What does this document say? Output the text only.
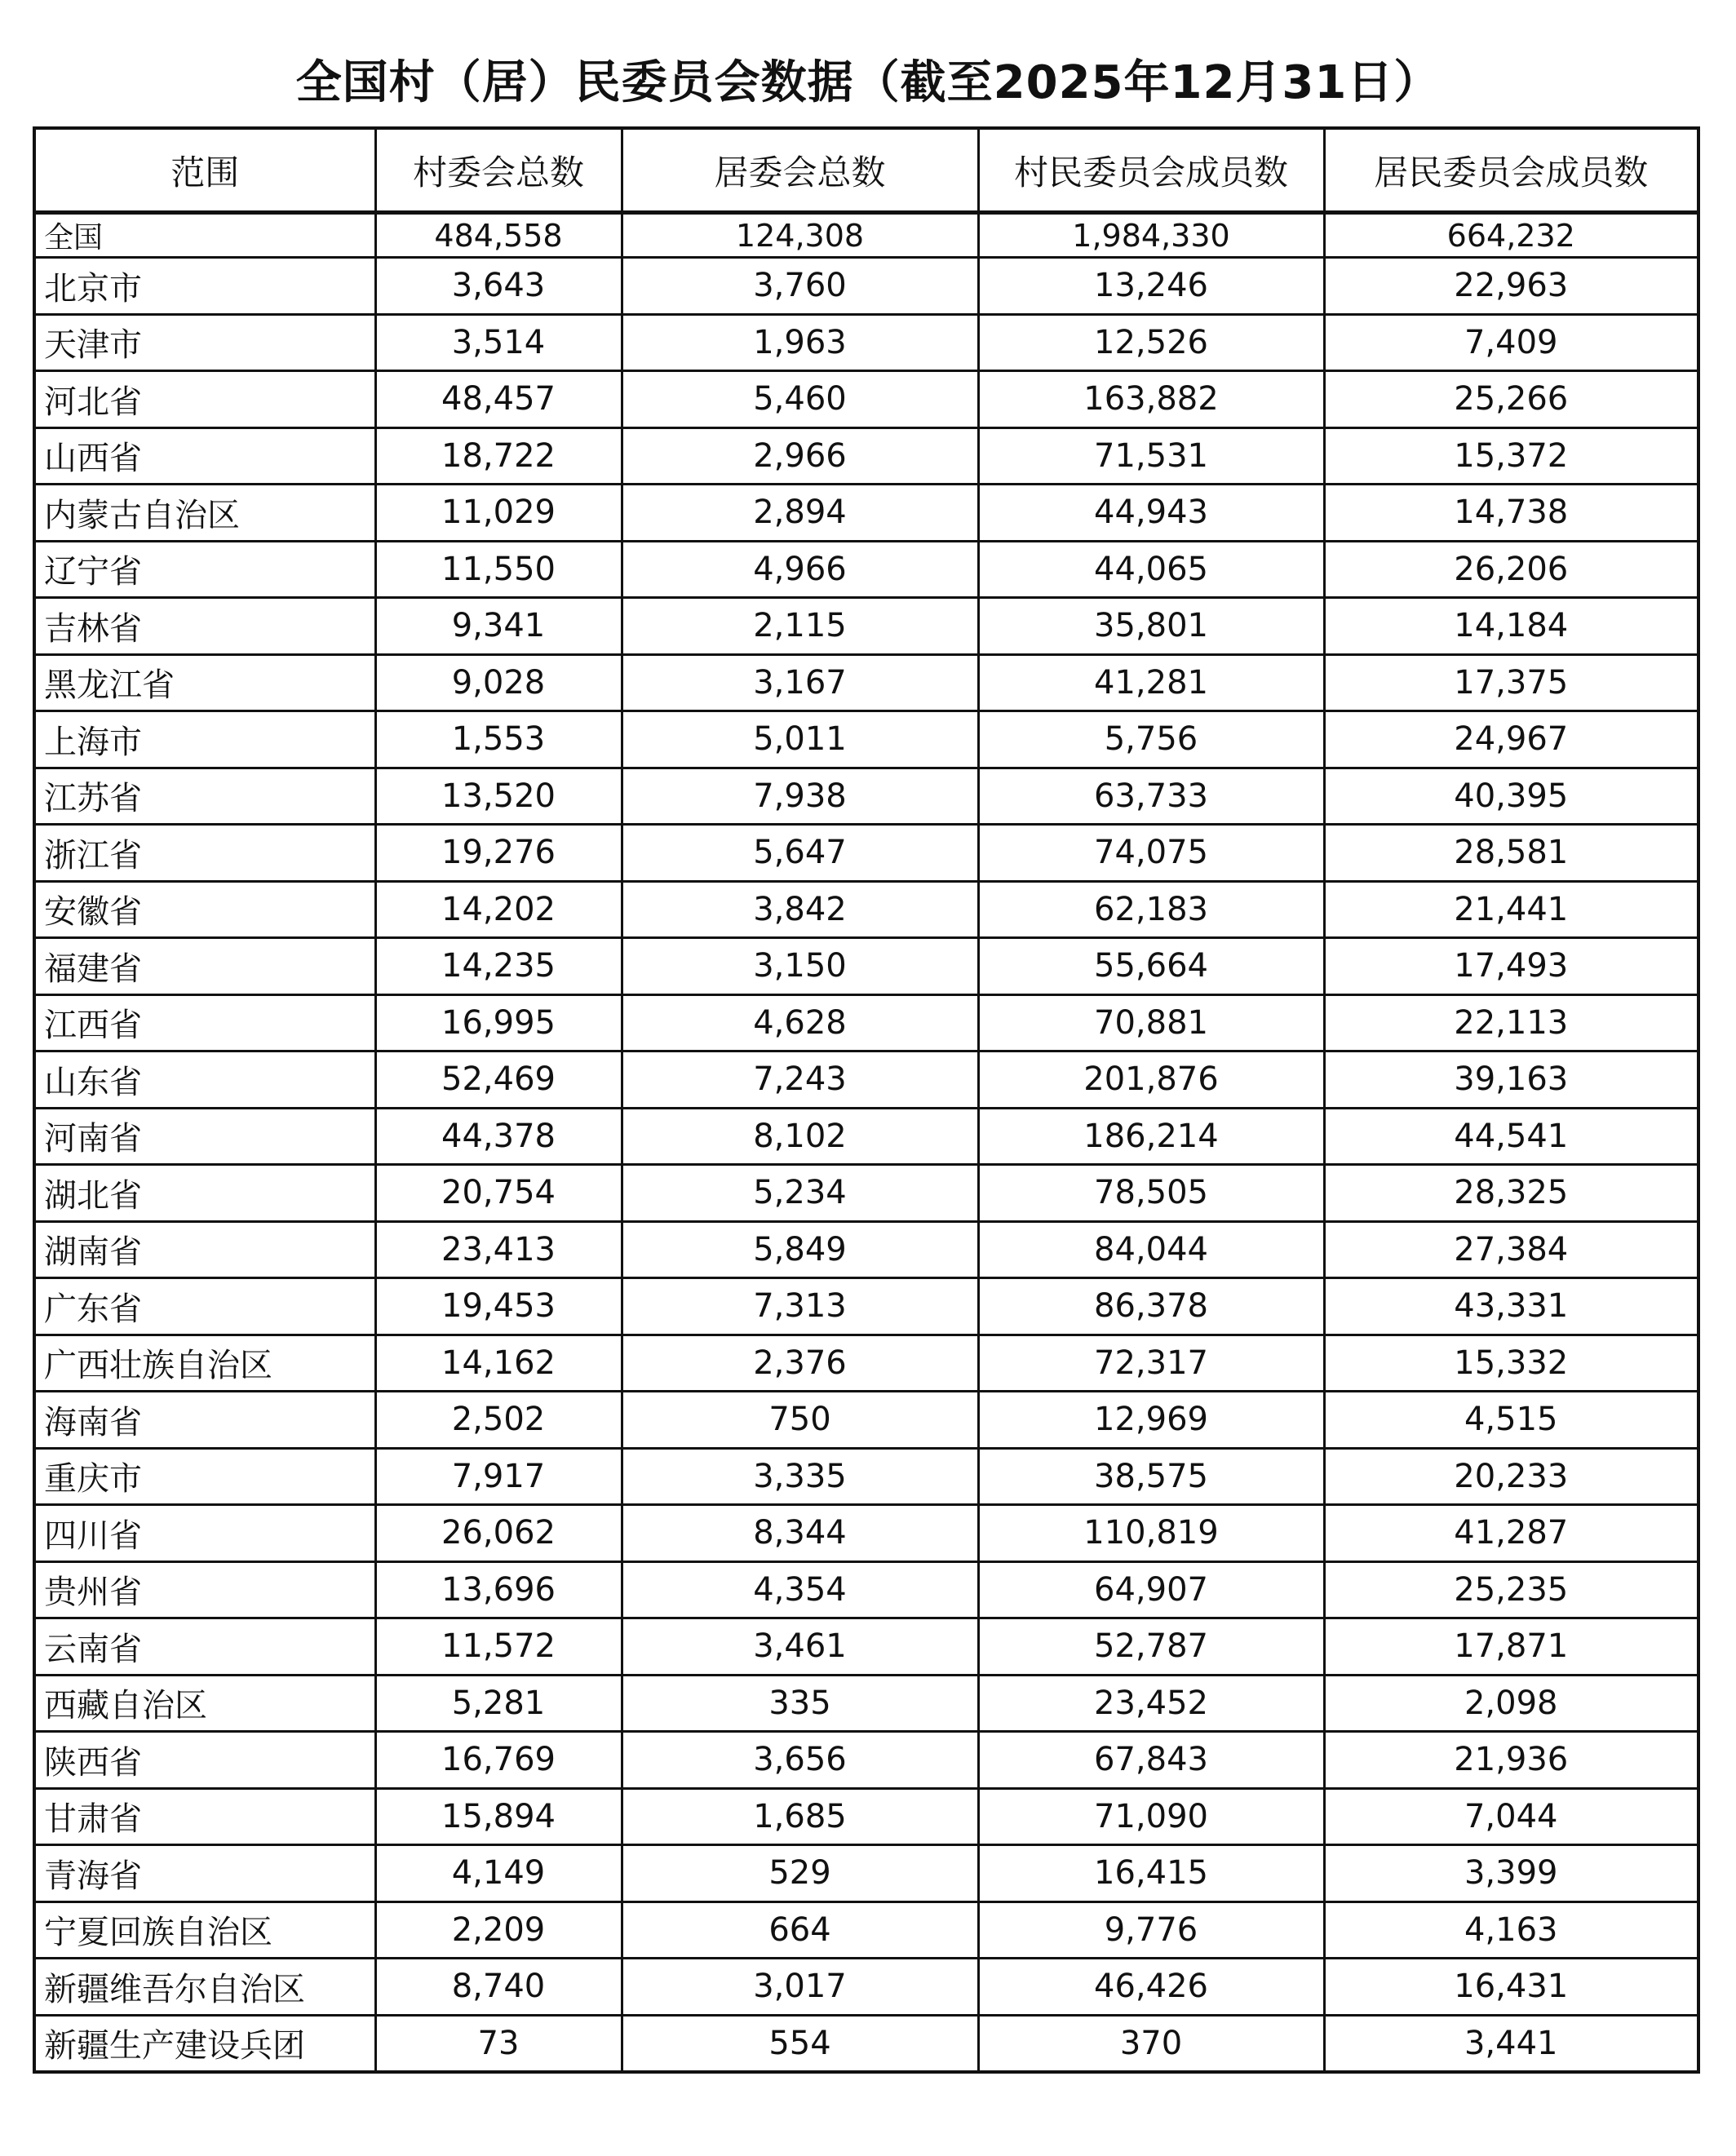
全国村（居）民委员会数据（截至2025年12月31日）
范围	村委会总数	居委会总数	村民委员会成员数	居民委员会成员数
全国	484,558	124,308	1,984,330	664,232
北京市	3,643	3,760	13,246	22,963
天津市	3,514	1,963	12,526	7,409
河北省	48,457	5,460	163,882	25,266
山西省	18,722	2,966	71,531	15,372
内蒙古自治区	11,029	2,894	44,943	14,738
辽宁省	11,550	4,966	44,065	26,206
吉林省	9,341	2,115	35,801	14,184
黑龙江省	9,028	3,167	41,281	17,375
上海市	1,553	5,011	5,756	24,967
江苏省	13,520	7,938	63,733	40,395
浙江省	19,276	5,647	74,075	28,581
安徽省	14,202	3,842	62,183	21,441
福建省	14,235	3,150	55,664	17,493
江西省	16,995	4,628	70,881	22,113
山东省	52,469	7,243	201,876	39,163
河南省	44,378	8,102	186,214	44,541
湖北省	20,754	5,234	78,505	28,325
湖南省	23,413	5,849	84,044	27,384
广东省	19,453	7,313	86,378	43,331
广西壮族自治区	14,162	2,376	72,317	15,332
海南省	2,502	750	12,969	4,515
重庆市	7,917	3,335	38,575	20,233
四川省	26,062	8,344	110,819	41,287
贵州省	13,696	4,354	64,907	25,235
云南省	11,572	3,461	52,787	17,871
西藏自治区	5,281	335	23,452	2,098
陕西省	16,769	3,656	67,843	21,936
甘肃省	15,894	1,685	71,090	7,044
青海省	4,149	529	16,415	3,399
宁夏回族自治区	2,209	664	9,776	4,163
新疆维吾尔自治区	8,740	3,017	46,426	16,431
新疆生产建设兵团	73	554	370	3,441
